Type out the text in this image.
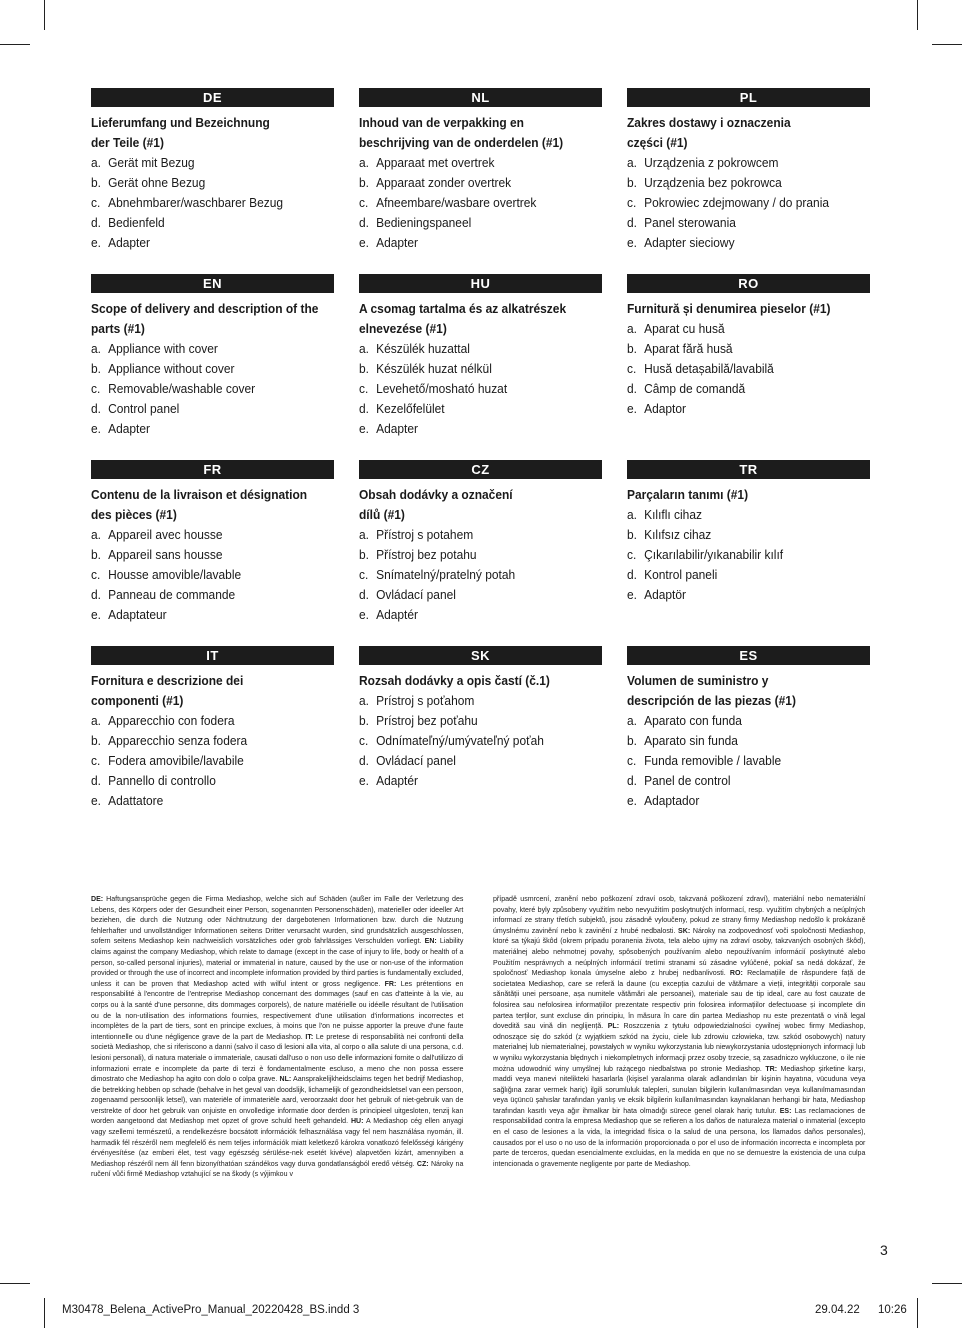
DE
Lieferumfang und Bezeichnung
der Teile (#1)
a. Gerät mit Bezug
b. Gerät ohne Bezug
c. Abnehmbarer/waschbarer Bezug
d. Bedienfeld
e. Adapter
NL
Inhoud van de verpakking en
beschrijving van de onderdelen (#1)
a. Apparaat met overtrek
b. Apparaat zonder overtrek
c. Afneembare/wasbare overtrek
d. Bedieningspaneel
e. Adapter
PL
Zakres dostawy i oznaczenia
części (#1)
a. Urządzenia z pokrowcem
b. Urządzenia bez pokrowca
c. Pokrowiec zdejmowany / do prania
d. Panel sterowania
e. Adapter sieciowy
EN
Scope of delivery and description of the
parts (#1)
a. Appliance with cover
b. Appliance without cover
c. Removable/washable cover
d. Control panel
e. Adapter
HU
A csomag tartalma és az alkatrészek
elnevezése (#1)
a. Készülék huzattal
b. Készülék huzat nélkül
c. Levehető/mosható huzat
d. Kezelőfelület
e. Adapter
RO
Furnitură și denumirea pieselor (#1)
a. Aparat cu husă
b. Aparat fără husă
c. Husă detașabilă/lavabilă
d. Câmp de comandă
e. Adaptor
FR
Contenu de la livraison et désignation
des pièces (#1)
a. Appareil avec housse
b. Appareil sans housse
c. Housse amovible/lavable
d. Panneau de commande
e. Adaptateur
CZ
Obsah dodávky a označení
dílů (#1)
a. Přístroj s potahem
b. Přístroj bez potahu
c. Snímatelný/pratelný potah
d. Ovládací panel
e. Adaptér
TR
Parçaların tanımı (#1)
a. Kılıflı cihaz
b. Kılıfsız cihaz
c. Çıkarılabilir/yıkanabilir kılıf
d. Kontrol paneli
e. Adaptör
IT
Fornitura e descrizione dei
componenti (#1)
a. Apparecchio con fodera
b. Apparecchio senza fodera
c. Fodera amovibile/lavabile
d. Pannello di controllo
e. Adattatore
SK
Rozsah dodávky a opis častí (č.1)
a. Prístroj s poťahom
b. Prístroj bez poťahu
c. Odnímateľný/umývateľný poťah
d. Ovládací panel
e. Adaptér
ES
Volumen de suministro y
descripción de las piezas (#1)
a. Aparato con funda
b. Aparato sin funda
c. Funda removible / lavable
d. Panel de control
e. Adaptador
DE: Haftungsansprüche gegen die Firma Mediashop, welche sich auf Schäden (außer im Falle der Verletzung des Lebens, des Körpers oder der Gesundheit einer Person, sogenannten Personenschäden), materieller oder ideeller Art beziehen, die durch die Nutzung oder Nichtnutzung der dargebotenen Informationen bzw. durch die Nutzung fehlerhafter und unvollständiger Informationen seitens Dritter verursacht wurden, sind grundsätzlich ausgeschlossen, sofern seitens Mediashop kein nachweislich vorsätzliches oder grob fahrlässiges Verschulden vorliegt. EN: Liability claims against the company Mediashop, which relate to damage (except in the case of injury to life, body or health of a person, so-called personal injuries), material or immaterial in nature, caused by the use or non-use of the information provided or through the use of incorrect and incomplete information provided by third parties is fundamentally excluded, unless it can be proven that Mediashop acted with wilful intent or gross negligence. FR: Les prétentions en responsabilité à l'encontre de l'entreprise Mediashop concernant des dommages (sauf en cas d'atteinte à la vie, au corps ou à la santé d'une personne, dits dommages corporels), de nature matérielle ou idéelle résultant de l'utilisation ou de la non-utilisation des informations fournies, respectivement d'une utilisation d'informations incorrectes et incomplètes de la part de tiers, sont en principe exclues, à moins que l'on ne puisse apporter la preuve d'une faute intentionnelle ou d'une négligence grave de la part de Mediashop. IT: Le pretese di responsabilità nei confronti della società Mediashop, che si riferiscono a danni (salvo il caso di lesioni alla vita, al corpo o alla salute di una persona, c.d. lesioni personali), di natura materiale o immateriale, causati dall'uso o non uso delle informazioni fornite o dall'utilizzo di informazioni errate e incomplete da parte di terzi è fondamentalmente escluso, a meno che non possa essere dimostrato che Mediashop ha agito con dolo o colpa grave. NL: Aansprakelijkheidsclaims tegen het bedrijf Mediashop, die betrekking hebben op schade (behalve in het geval van doodslijk, lichamelijk of gezondheidsletsel van een persoon, zogenaamd persoonlijk letsel), van materiële of immateriële aard, veroorzaakt door het gebruik of niet-gebruik van de verstrekte of door het gebruik van onjuiste en onvolledige informatie door derden is principieel uitgesloten, tenzij kan worden aangetoond dat Mediashop met opzet of grove schuld heeft gehandeld. HU: A Mediashop cég ellen anyagi vagy szellemi természetű, a rendelkezésre bocsátott információk felhasználása vagy fel nem használása nyomán, ill. harmadik fél részéről nem megfelelő és nem teljes információk miatt keletkező károkra vonatkozó felelősségi kárigény érvényesítése (az emberi élet, test vagy egészség sérülése-nek esetét kivéve) alapvetően kizárt, amennyiben a Mediashop részéről nem áll fenn bizonyíthatóan szándékos vagy durva gondatlanságból eredő vétség. CZ: Nároky na ručení vůči firmě Mediashop vztahující se na škody (s výjimkou v
případě usmrcení, zranění nebo poškození zdraví osob, takzvaná poškození zdraví), materiální nebo nemateriální povahy, které byly způsobeny využitím nebo nevyužitím poskytnutých informací, resp. využitím chybných a neúplných informací ze strany třetích subjektů, jsou zásadně vyloučeny, pokud ze strany firmy Mediashop nedošlo k prokázaně úmyslnému zavinění nebo k zavinění z hrubé nedbalosti. SK: Nároky na zodpovednosť voči spoločnosti Mediashop, ktoré sa týkajú škôd (okrem prípadu poranenia života, tela alebo ujmy na zdraví osoby, takzvaných osobných škôd), materiálnej alebo nehmotnej povahy, spôsobených používaním alebo nepoužívaním informácií poskytnuté alebo Použitím nesprávnych a neúplných informácií tretími stranami sú zásadne vylúčené, pokiaľ sa nedá dokázať, že spoločnosť Mediashop konala úmyselne alebo z hrubej nedbanlivosti. RO: Reclamațiile de răspundere față de societatea Mediashop, care se referă la daune (cu excepția cazului de vătămare a vieții, integrității corporale sau sănătății unei persoane, așa numitele vătămări ale persoanei), materiale sau de tip ideal, care au fost cauzate de folosirea sau nefolosirea informațiilor prezentate respectiv prin folosirea informațiilor defectuoase și incomplete din partea terților, sunt excluse din principiu, în măsura în care din partea Mediashop nu este prezentată o vină legal dovedită sau vină din neglijență. PL: Roszczenia z tytułu odpowiedzialności cywilnej wobec firmy Mediashop, odnoszące się do szkód (z wyjątkiem szkód na życiu, ciele lub zdrowiu człowieka, tzw. szkód osobowych) natury materialnej lub niematerialnej, powstałych w wyniku wykorzystania lub niewykorzystania udostępnionych informacji lub w wyniku wykorzystania błędnych i niekompletnych informacji przez osoby trzecie, są zasadniczo wykluczone, o ile nie można udowodnić winy umyślnej lub rażącego niedbalstwa po stronie Mediashop. TR: Mediashop şirketine karşı, maddi veya manevi nitelikteki hasarlarla (kişisel yaralanma olarak adlandırılan bir kişinin hayatına, vücuduna veya sağlığına zarar vermek hariç) ilgili sorumluluk talepleri, sunulan bilgilerin kullanılmasından veya kullanılmamasından veya üçüncü şahıslar tarafından yanlış ve eksik bilgilerin kullanılmasından kaynaklanan herhangi bir hata, Mediashop tarafından kasıtlı veya ağır ihmalkar bir hata olmadığı sürece genel olarak hariç tutulur. ES: Las reclamaciones de responsabilidad contra la empresa Mediashop que se refieren a los daños de naturaleza material o inmaterial (excepto en el caso de lesiones a la vida, la integridad física o la salud de una persona, los llamados daños personales), causados por el uso o no uso de la información proporcionada o por el uso de información incorrecta e incompleta por parte de terceros, quedan esencialmente excluidas, en la medida en que no se demuestre la existencia de una culpa intencionada o gravemente negligente por parte de Mediashop.
3
M30478_Belena_ActivePro_Manual_20220428_BS.indd 3	29.04.22 10:26
